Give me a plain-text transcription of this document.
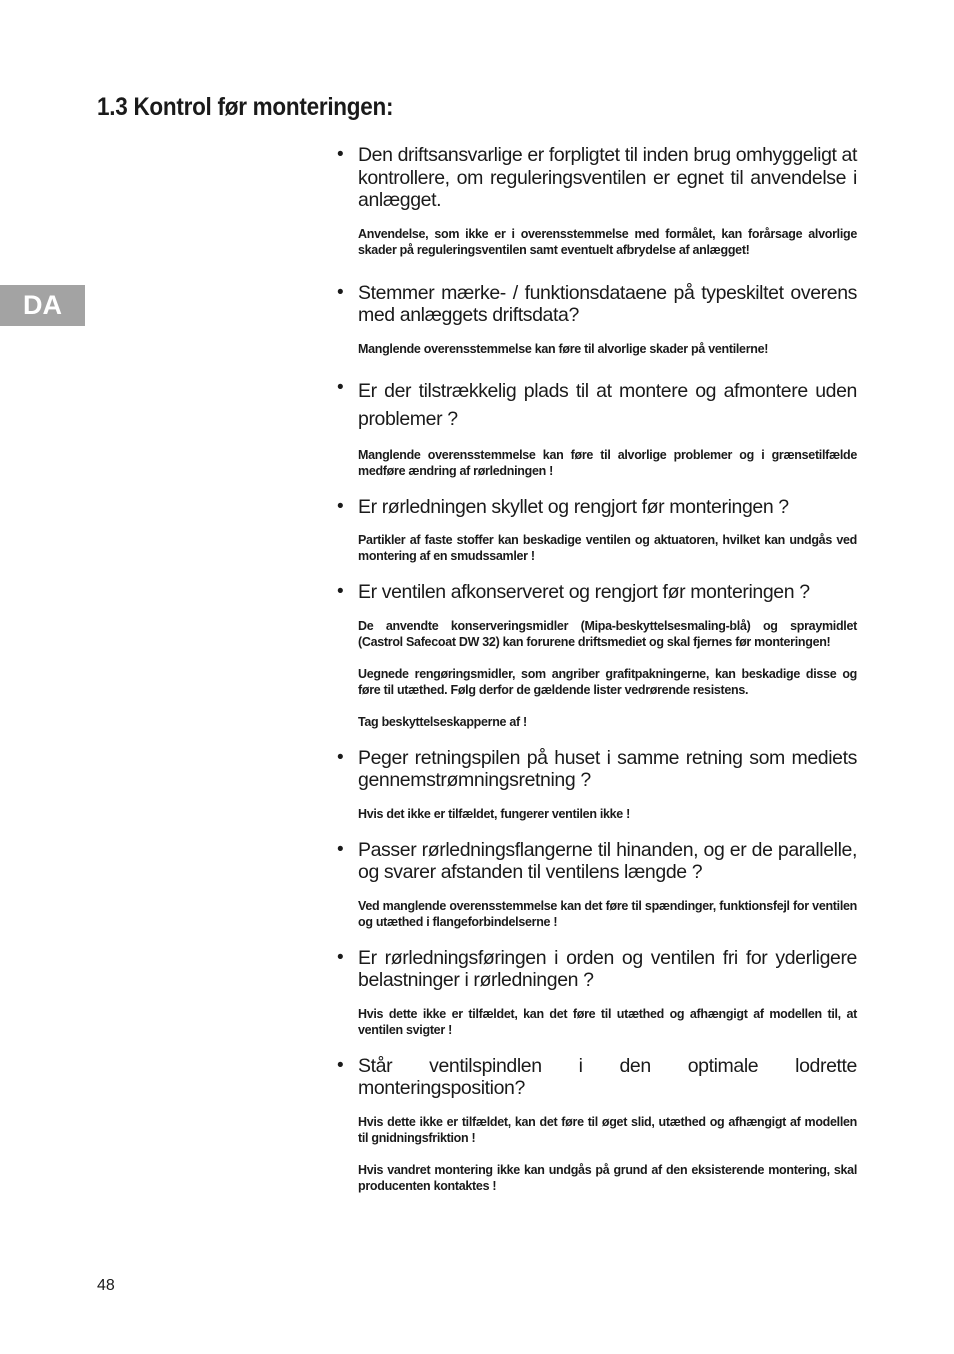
1.3 Kontrol før monteringen:
DA
• Den driftsansvarlige er forpligtet til inden brug omhyggeligt at kontrollere, om reguleringsventilen er egnet til anvendelse i anlægget.
Anvendelse, som ikke er i overensstemmelse med formålet, kan forårsage alvorlige skader på reguleringsventilen samt eventuelt afbrydelse af anlægget!
• Stemmer mærke- / funktionsdataene på typeskiltet overens med anlæggets driftsdata?
Manglende overensstemmelse kan føre til alvorlige skader på ventilerne!
• Er der tilstrækkelig plads til at montere og afmontere uden problemer ?
Manglende overensstemmelse kan føre til alvorlige problemer og i grænsetilfælde medføre ændring af rørledningen !
• Er rørledningen skyllet og rengjort før monteringen ?
Partikler af faste stoffer kan beskadige ventilen og aktuatoren, hvilket kan undgås ved montering af en smudssamler !
• Er ventilen afkonserveret og rengjort før monteringen ?
De anvendte konserveringsmidler (Mipa-beskyttelsesmaling-blå) og spraymidlet (Castrol Safecoat DW 32) kan forurene driftsmediet og skal fjernes før monteringen!
Uegnede rengøringsmidler, som angriber grafitpakningerne, kan beskadige disse og føre til utæthed. Følg derfor de gældende lister vedrørende resistens.
Tag beskyttelseskapperne af !
• Peger retningspilen på huset i samme retning som mediets gennemstrømningsretning ?
Hvis det ikke er tilfældet, fungerer ventilen ikke !
• Passer rørledningsflangerne til hinanden, og er de parallelle, og svarer afstanden til ventilens længde ?
Ved manglende overensstemmelse kan det føre til spændinger, funktionsfejl for ventilen og utæthed i flangeforbindelserne !
• Er rørledningsføringen i orden og ventilen fri for yderligere belastninger i rørledningen ?
Hvis dette ikke er tilfældet, kan det føre til utæthed og afhængigt af modellen til, at ventilen svigter !
• Står ventilspindlen i den optimale lodrette monteringsposition?
Hvis dette ikke er tilfældet, kan det føre til øget slid, utæthed og afhængigt af modellen til gnidningsfriktion !
Hvis vandret montering ikke kan undgås på grund af den eksisterende montering, skal producenten kontaktes !
48
